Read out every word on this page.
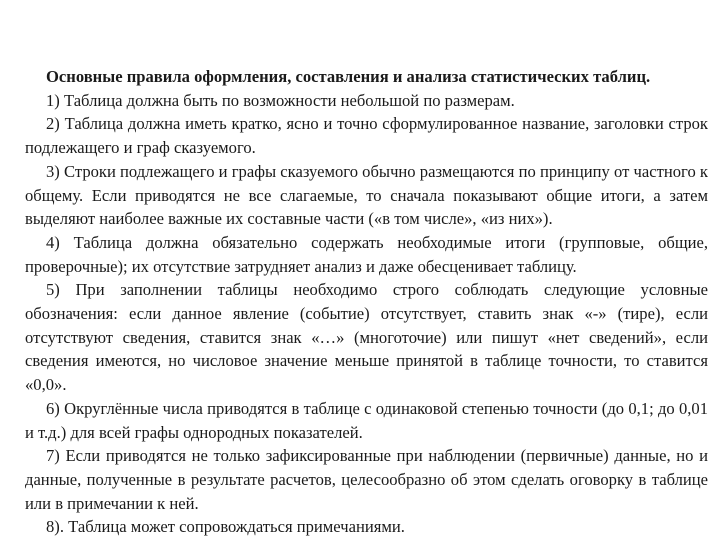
Основные правила оформления, составления и анализа статистических таблиц.

1) Таблица должна быть по возможности небольшой по размерам.

2) Таблица должна иметь кратко, ясно и точно сформулированное название, заголовки строк подлежащего и граф сказуемого.

3) Строки подлежащего и графы сказуемого обычно размещаются по принципу от частного к общему. Если приводятся не все слагаемые, то сначала показывают общие итоги, а затем выделяют наиболее важные их составные части («в том числе», «из них»).

4) Таблица должна обязательно содержать необходимые итоги (групповые, общие, проверочные); их отсутствие затрудняет анализ и даже обесценивает таблицу.

5) При заполнении таблицы необходимо строго соблюдать следующие условные обозначения: если данное явление (событие) отсутствует, ставить знак «-» (тире), если отсутствуют сведения, ставится знак «…» (многоточие) или пишут «нет сведений», если сведения имеются, но числовое значение меньше принятой в таблице точности, то ставится «0,0».

6) Округлённые числа приводятся в таблице с одинаковой степенью точности (до 0,1; до 0,01 и т.д.) для всей графы однородных показателей.

7) Если приводятся не только зафиксированные при наблюдении (первичные) данные, но и данные, полученные в результате расчетов, целесообразно об этом сделать оговорку в таблице или в примечании к ней.

8). Таблица может сопровождаться примечаниями.
